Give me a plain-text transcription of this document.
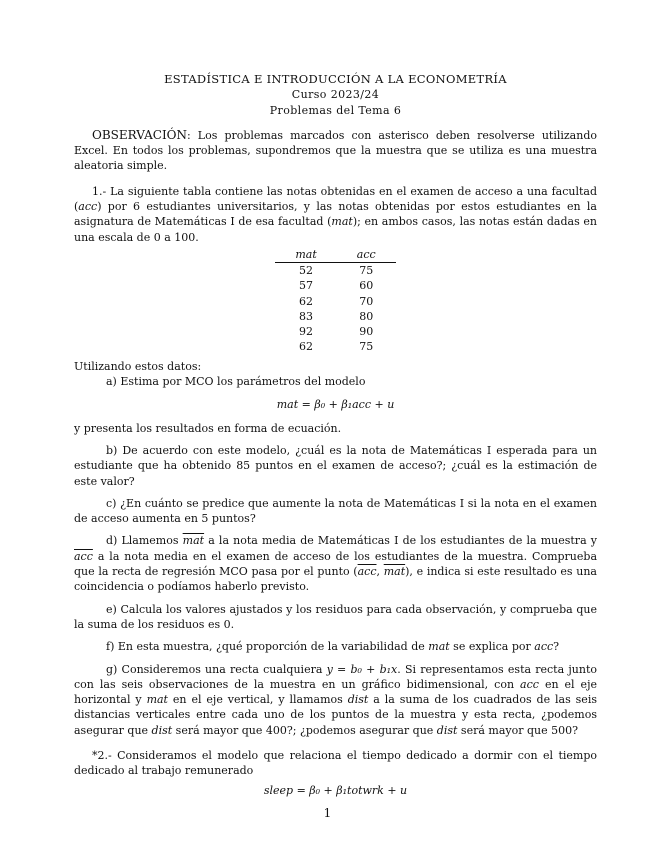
ESTADÍSTICA E INTRODUCCIÓN A LA ECONOMETRÍA

Curso 2023/24

Problemas del Tema 6

OBSERVACIÓN: Los problemas marcados con asterisco deben resolverse utilizando Excel. En todos los problemas, supondremos que la muestra que se utiliza es una muestra aleatoria simple.

1.- La siguiente tabla contiene las notas obtenidas en el examen de acceso a una facultad (acc) por 6 estudiantes universitarios, y las notas obtenidas por estos estudiantes en la asignatura de Matemáticas I de esa facultad (mat); en ambos casos, las notas están dadas en una escala de 0 a 100.

mat	acc
52	75
57	60
62	70
83	80
92	90
62	75

Utilizando estos datos:

a) Estima por MCO los parámetros del modelo

mat = β₀ + β₁acc + u

y presenta los resultados en forma de ecuación.

b) De acuerdo con este modelo, ¿cuál es la nota de Matemáticas I esperada para un estudiante que ha obtenido 85 puntos en el examen de acceso?; ¿cuál es la estimación de este valor?

c) ¿En cuánto se predice que aumente la nota de Matemáticas I si la nota en el examen de acceso aumenta en 5 puntos?

d) Llamemos $\overline{mat}$ a la nota media de Matemáticas I de los estudiantes de la muestra y $\overline{acc}$ a la nota media en el examen de acceso de los estudiantes de la muestra. Comprueba que la recta de regresión MCO pasa por el punto ($\overline{acc}$, $\overline{mat}$), e indica si este resultado es una coincidencia o podíamos haberlo previsto.

e) Calcula los valores ajustados y los residuos para cada observación, y comprueba que la suma de los residuos es 0.

f) En esta muestra, ¿qué proporción de la variabilidad de mat se explica por acc?

g) Consideremos una recta cualquiera y = b₀ + b₁x. Si representamos esta recta junto con las seis observaciones de la muestra en un gráfico bidimensional, con acc en el eje horizontal y mat en el eje vertical, y llamamos dist a la suma de los cuadrados de las seis distancias verticales entre cada uno de los puntos de la muestra y esta recta, ¿podemos asegurar que dist será mayor que 400?; ¿podemos asegurar que dist será mayor que 500?

*2.- Consideramos el modelo que relaciona el tiempo dedicado a dormir con el tiempo dedicado al trabajo remunerado

sleep = β₀ + β₁totwrk + u

1
